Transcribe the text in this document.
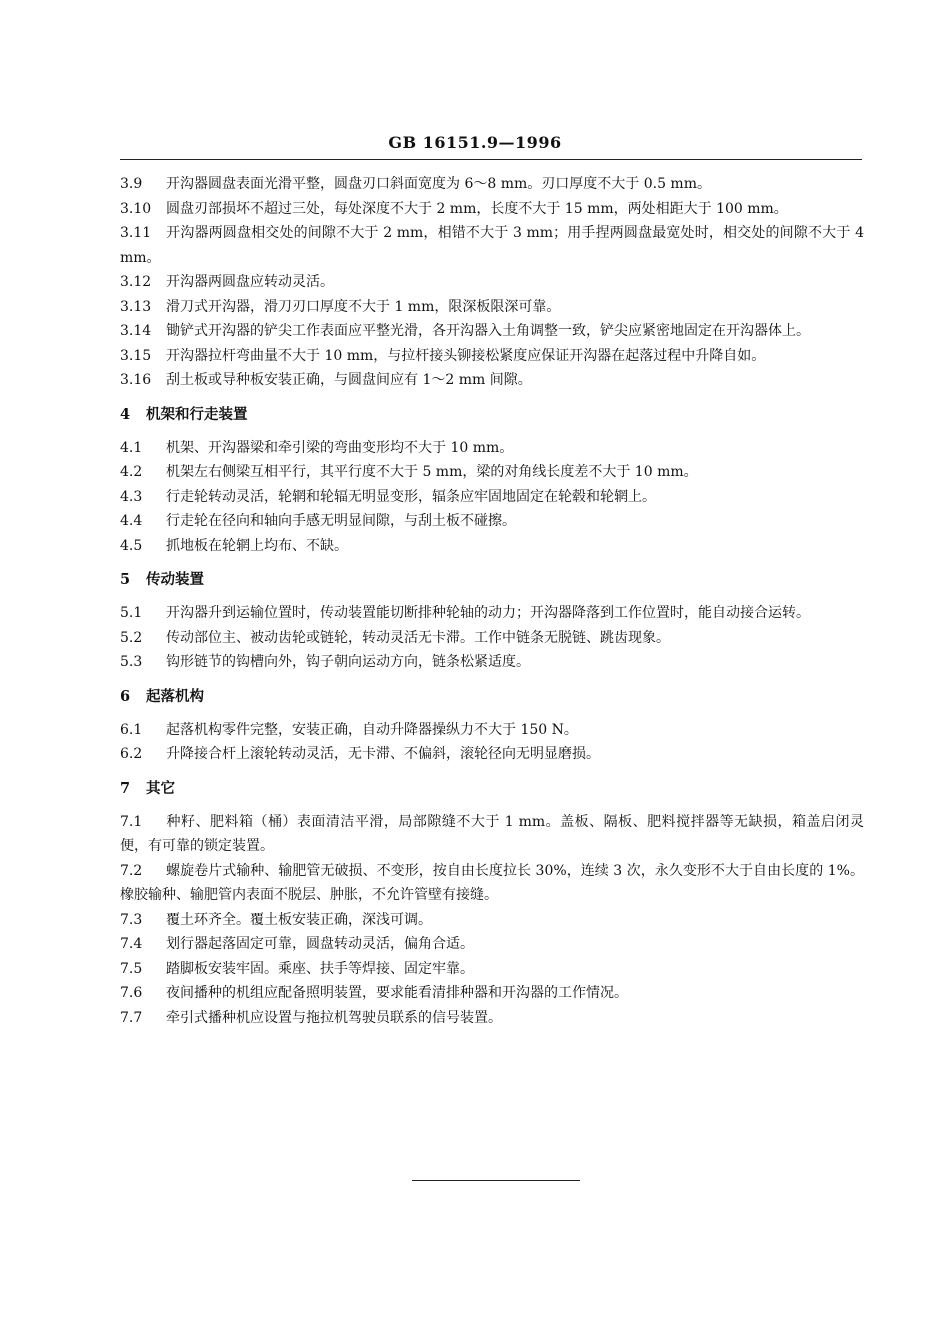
GB 16151.9—1996

3.9 开沟器圆盘表面光滑平整，圆盘刃口斜面宽度为 6～8 mm。刃口厚度不大于 0.5 mm。

3.10 圆盘刃部损坏不超过三处，每处深度不大于 2 mm，长度不大于 15 mm，两处相距大于 100 mm。

3.11 开沟器两圆盘相交处的间隙不大于 2 mm，相错不大于 3 mm；用手捏两圆盘最宽处时，相交处的间隙不大于 4 mm。

3.12 开沟器两圆盘应转动灵活。

3.13 滑刀式开沟器，滑刀刃口厚度不大于 1 mm，限深板限深可靠。

3.14 锄铲式开沟器的铲尖工作表面应平整光滑，各开沟器入土角调整一致，铲尖应紧密地固定在开沟器体上。

3.15 开沟器拉杆弯曲量不大于 10 mm，与拉杆接头铆接松紧度应保证开沟器在起落过程中升降自如。

3.16 刮土板或导种板安装正确，与圆盘间应有 1～2 mm 间隙。

4 机架和行走装置

4.1 机架、开沟器梁和牵引梁的弯曲变形均不大于 10 mm。

4.2 机架左右侧梁互相平行，其平行度不大于 5 mm，梁的对角线长度差不大于 10 mm。

4.3 行走轮转动灵活，轮辋和轮辐无明显变形，辐条应牢固地固定在轮毂和轮辋上。

4.4 行走轮在径向和轴向手感无明显间隙，与刮土板不碰擦。

4.5 抓地板在轮辋上均布、不缺。

5 传动装置

5.1 开沟器升到运输位置时，传动装置能切断排种轮轴的动力；开沟器降落到工作位置时，能自动接合运转。

5.2 传动部位主、被动齿轮或链轮，转动灵活无卡滞。工作中链条无脱链、跳齿现象。

5.3 钩形链节的钩槽向外，钩子朝向运动方向，链条松紧适度。

6 起落机构

6.1 起落机构零件完整，安装正确，自动升降器操纵力不大于 150 N。

6.2 升降接合杆上滚轮转动灵活，无卡滞、不偏斜，滚轮径向无明显磨损。

7 其它

7.1 种籽、肥料箱（桶）表面清洁平滑，局部隙缝不大于 1 mm。盖板、隔板、肥料搅拌器等无缺损，箱盖启闭灵便，有可靠的锁定装置。

7.2 螺旋卷片式输种、输肥管无破损、不变形，按自由长度拉长 30%，连续 3 次，永久变形不大于自由长度的 1%。橡胶输种、输肥管内表面不脱层、肿胀，不允许管壁有接缝。

7.3 覆土环齐全。覆土板安装正确，深浅可调。

7.4 划行器起落固定可靠，圆盘转动灵活，偏角合适。

7.5 踏脚板安装牢固。乘座、扶手等焊接、固定牢靠。

7.6 夜间播种的机组应配备照明装置，要求能看清排种器和开沟器的工作情况。

7.7 牵引式播种机应设置与拖拉机驾驶员联系的信号装置。
